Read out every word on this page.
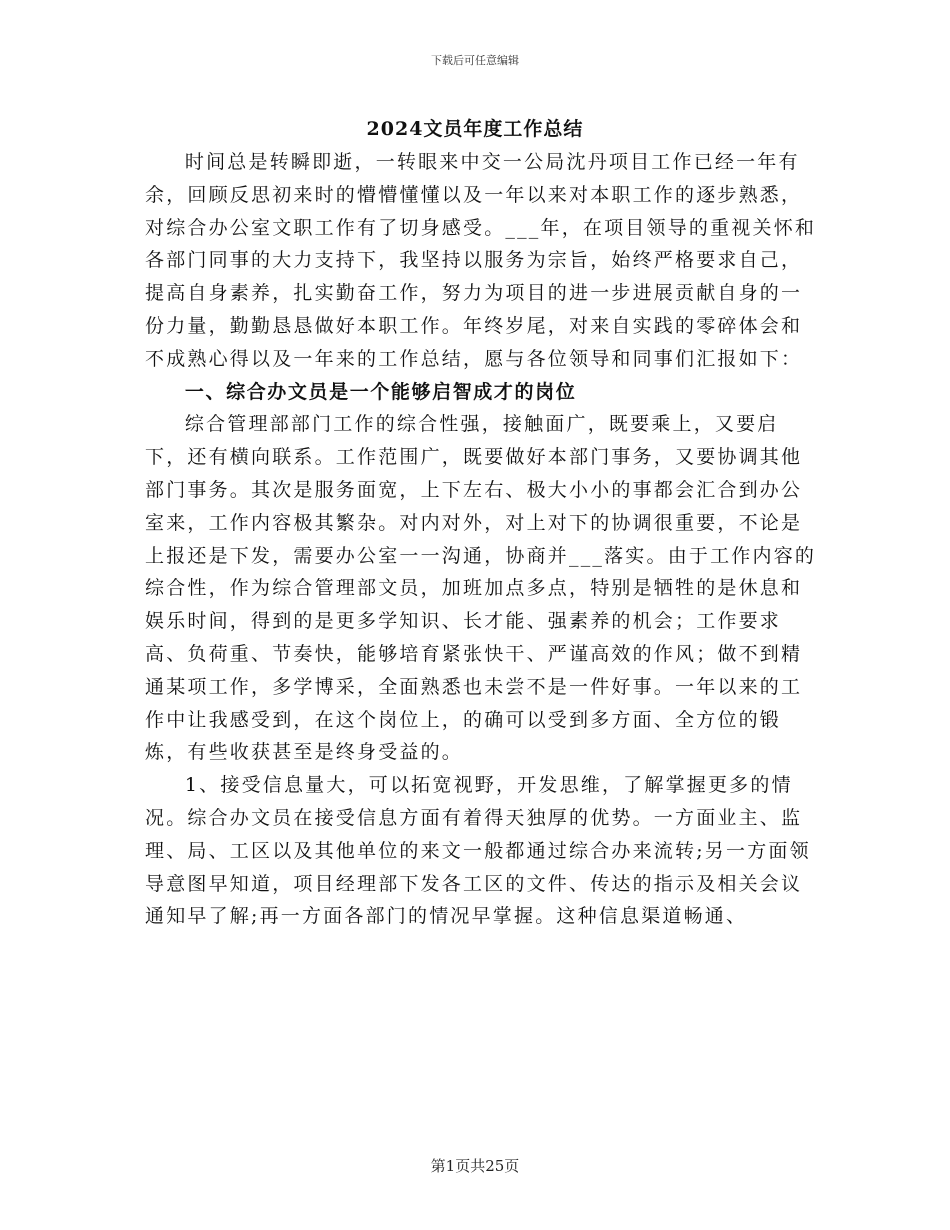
下载后可任意编辑
2024文员年度工作总结

时间总是转瞬即逝，一转眼来中交一公局沈丹项目工作已经一年有余，回顾反思初来时的懵懵懂懂以及一年以来对本职工作的逐步熟悉，对综合办公室文职工作有了切身感受。___年，在项目领导的重视关怀和各部门同事的大力支持下，我坚持以服务为宗旨，始终严格要求自己，提高自身素养，扎实勤奋工作，努力为项目的进一步进展贡献自身的一份力量，勤勤恳恳做好本职工作。年终岁尾，对来自实践的零碎体会和不成熟心得以及一年来的工作总结，愿与各位领导和同事们汇报如下：

一、综合办文员是一个能够启智成才的岗位

综合管理部部门工作的综合性强，接触面广，既要乘上，又要启下，还有横向联系。工作范围广，既要做好本部门事务，又要协调其他部门事务。其次是服务面宽，上下左右、极大小小的事都会汇合到办公室来，工作内容极其繁杂。对内对外，对上对下的协调很重要，不论是上报还是下发，需要办公室一一沟通，协商并___落实。由于工作内容的综合性，作为综合管理部文员，加班加点多点，特别是牺牲的是休息和娱乐时间，得到的是更多学知识、长才能、强素养的机会；工作要求高、负荷重、节奏快，能够培育紧张快干、严谨高效的作风；做不到精通某项工作，多学博采，全面熟悉也未尝不是一件好事。一年以来的工作中让我感受到，在这个岗位上，的确可以受到多方面、全方位的锻炼，有些收获甚至是终身受益的。

1、接受信息量大，可以拓宽视野，开发思维，了解掌握更多的情况。综合办文员在接受信息方面有着得天独厚的优势。一方面业主、监理、局、工区以及其他单位的来文一般都通过综合办来流转;另一方面领导意图早知道，项目经理部下发各工区的文件、传达的指示及相关会议通知早了解;再一方面各部门的情况早掌握。这种信息渠道畅通、

第1页共25页
